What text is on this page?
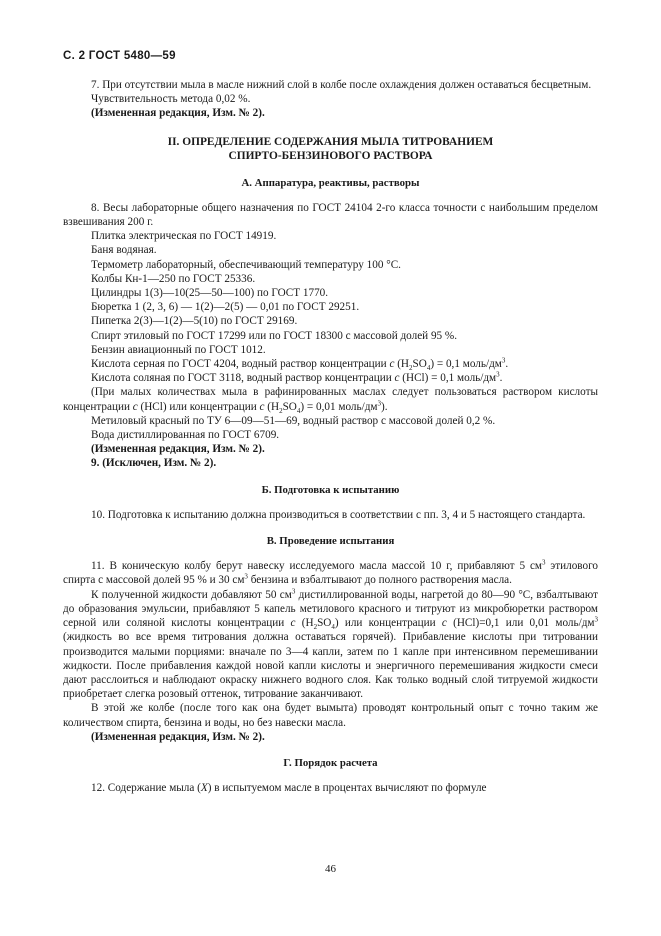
С. 2 ГОСТ 5480—59

7. При отсутствии мыла в масле нижний слой в колбе после охлаждения должен оставаться бесцветным.

Чувствительность метода 0,02 %.

(Измененная редакция, Изм. № 2).

II. ОПРЕДЕЛЕНИЕ СОДЕРЖАНИЯ МЫЛА ТИТРОВАНИЕМ
СПИРТО-БЕНЗИНОВОГО РАСТВОРА
А. Аппаратура, реактивы, растворы

8. Весы лабораторные общего назначения по ГОСТ 24104 2-го класса точности с наибольшим пределом взвешивания 200 г.

Плитка электрическая по ГОСТ 14919.

Баня водяная.

Термометр лабораторный, обеспечивающий температуру 100 °С.

Колбы Кн-1—250 по ГОСТ 25336.

Цилиндры 1(3)—10(25—50—100) по ГОСТ 1770.

Бюретка 1 (2, 3, 6) — 1(2)—2(5) — 0,01 по ГОСТ 29251.

Пипетка 2(3)—1(2)—5(10) по ГОСТ 29169.

Спирт этиловый по ГОСТ 17299 или по ГОСТ 18300 с массовой долей 95 %.

Бензин авиационный по ГОСТ 1012.

Кислота серная по ГОСТ 4204, водный раствор концентрации с $(H_2SO_4) = 0,1$ моль/$дм^3$.

Кислота соляная по ГОСТ 3118, водный раствор концентрации с (HCl) = 0,1 моль/$дм^3$.

(При малых количествах мыла в рафинированных маслах следует пользоваться раствором кислоты концентрации с (HCl) или концентрации с $(H_2SO_4) = 0,01$ моль/$дм^3$).

Метиловый красный по ТУ 6—09—51—69, водный раствор с массовой долей 0,2 %.

Вода дистиллированная по ГОСТ 6709.

(Измененная редакция, Изм. № 2).

9. (Исключен, Изм. № 2).

Б. Подготовка к испытанию

10. Подготовка к испытанию должна производиться в соответствии с пп. 3, 4 и 5 настоящего стандарта.

В. Проведение испытания

11. В коническую колбу берут навеску исследуемого масла массой 10 г, прибавляют 5 $см^3$ этилового спирта с массовой долей 95 % и 30 $см^3$ бензина и взбалтывают до полного растворения масла.

К полученной жидкости добавляют 50 $см^3$ дистиллированной воды, нагретой до 80—90 °С, взбалтывают до образования эмульсии, прибавляют 5 капель метилового красного и титруют из микробюретки раствором серной или соляной кислоты концентрации с $(H_2SO_4)$ или концентрации с (HCl)=0,1 или 0,01 моль/$дм^3$ (жидкость во все время титрования должна оставаться горячей). Прибавление кислоты при титровании производится малыми порциями: вначале по 3—4 капли, затем по 1 капле при интенсивном перемешивании жидкости. После прибавления каждой новой капли кислоты и энергичного перемешивания жидкости смеси дают расслоиться и наблюдают окраску нижнего водного слоя. Как только водный слой титруемой жидкости приобретает слегка розовый оттенок, титрование заканчивают.

В этой же колбе (после того как она будет вымыта) проводят контрольный опыт с точно таким же количеством спирта, бензина и воды, но без навески масла.

(Измененная редакция, Изм. № 2).

Г. Порядок расчета

12. Содержание мыла (X) в испытуемом масле в процентах вычисляют по формуле

46
